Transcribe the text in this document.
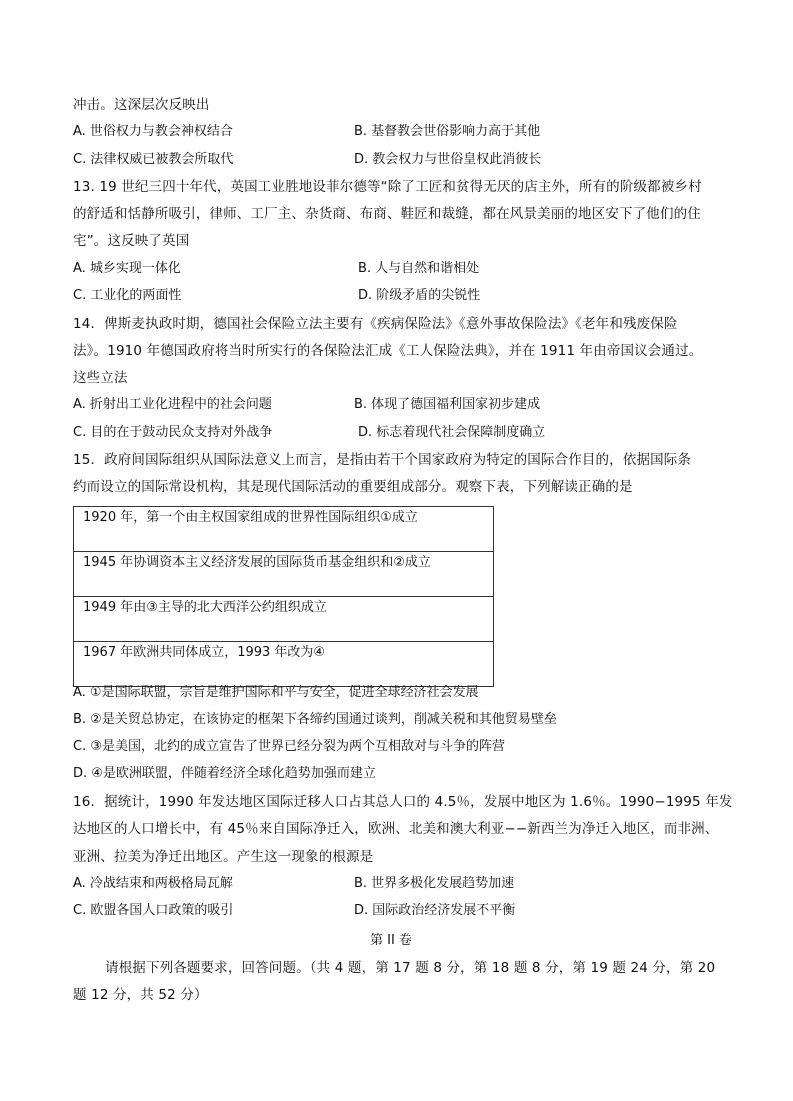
冲击。这深层次反映出
A. 世俗权力与教会神权结合	B. 基督教会世俗影响力高于其他
C. 法律权威已被教会所取代	D. 教会权力与世俗皇权此消彼长
13. 19 世纪三四十年代，英国工业胜地设菲尔德等“除了工匠和贫得无厌的店主外，所有的阶级都被乡村
的舒适和恬静所吸引，律师、工厂主、杂货商、布商、鞋匠和裁缝，都在风景美丽的地区安下了他们的住
宅”。这反映了英国
A. 城乡实现一体化	B. 人与自然和谐相处
C. 工业化的两面性	D. 阶级矛盾的尖锐性
14．俾斯麦执政时期，德国社会保险立法主要有《疾病保险法》《意外事故保险法》《老年和残废保险
法》。1910 年德国政府将当时所实行的各保险法汇成《工人保险法典》，并在 1911 年由帝国议会通过。
这些立法
A. 折射出工业化进程中的社会问题	B. 体现了德国福利国家初步建成
C. 目的在于鼓动民众支持对外战争	D. 标志着现代社会保障制度确立
15．政府间国际组织从国际法意义上而言，是指由若干个国家政府为特定的国际合作目的，依据国际条
约而设立的国际常设机构，其是现代国际活动的重要组成部分。观察下表，下列解读正确的是
1920 年，第一个由主权国家组成的世界性国际组织①成立

1945 年协调资本主义经济发展的国际货币基金组织和②成立

1949 年由③主导的北大西洋公约组织成立

1967 年欧洲共同体成立，1993 年改为④
A. ①是国际联盟，宗旨是维护国际和平与安全，促进全球经济社会发展
B. ②是关贸总协定，在该协定的框架下各缔约国通过谈判，削减关税和其他贸易壁垒
C. ③是美国，北约的成立宣告了世界已经分裂为两个互相敌对与斗争的阵营
D. ④是欧洲联盟，伴随着经济全球化趋势加强而建立
16．据统计，1990 年发达地区国际迁移人口占其总人口的 4.5％，发展中地区为 1.6％。1990−1995 年发
达地区的人口增长中，有 45％来自国际净迁入，欧洲、北美和澳大利亚−−新西兰为净迁入地区，而非洲、
亚洲、拉美为净迁出地区。产生这一现象的根源是
A. 冷战结束和两极格局瓦解	B. 世界多极化发展趋势加速
C. 欧盟各国人口政策的吸引	D. 国际政治经济发展不平衡
第 II 卷
请根据下列各题要求，回答问题。（共 4 题，第 17 题 8 分，第 18 题 8 分，第 19 题 24 分，第 20
题 12 分，共 52 分）
